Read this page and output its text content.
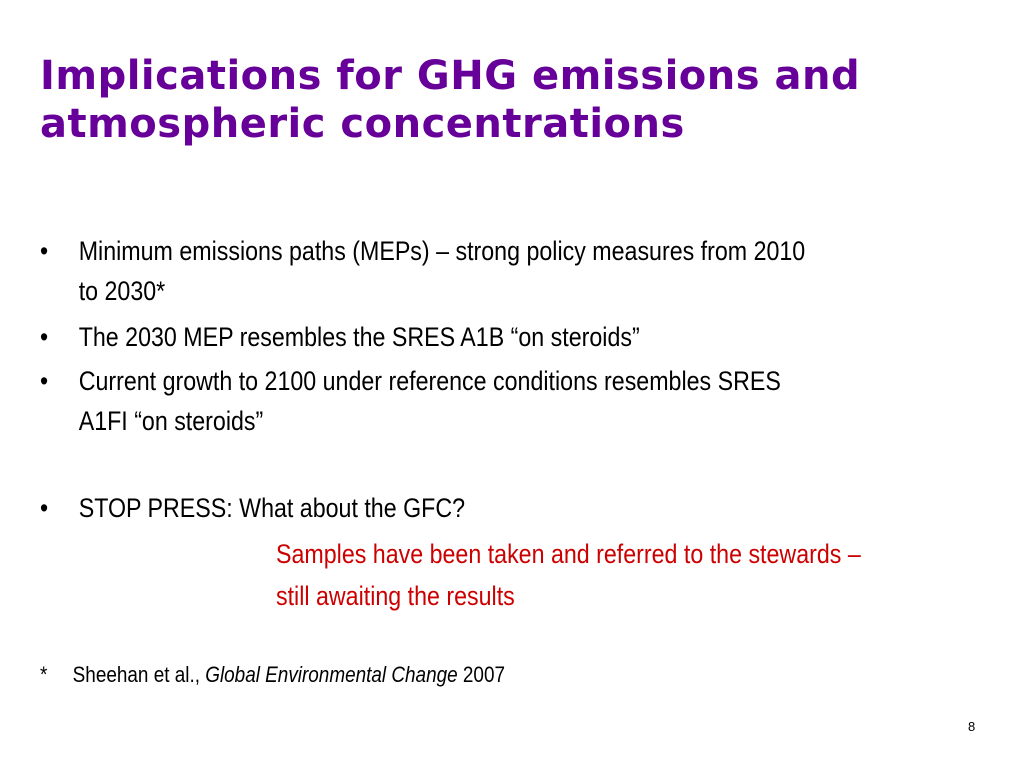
Implications for GHG emissions and
atmospheric concentrations
• Minimum emissions paths (MEPs) – strong policy measures from 2010
to 2030*
• The 2030 MEP resembles the SRES A1B “on steroids”
• Current growth to 2100 under reference conditions resembles SRES
A1FI “on steroids”
• STOP PRESS: What about the GFC?
Samples have been taken and referred to the stewards –
still awaiting the results
* Sheehan et al., Global Environmental Change 2007
8
